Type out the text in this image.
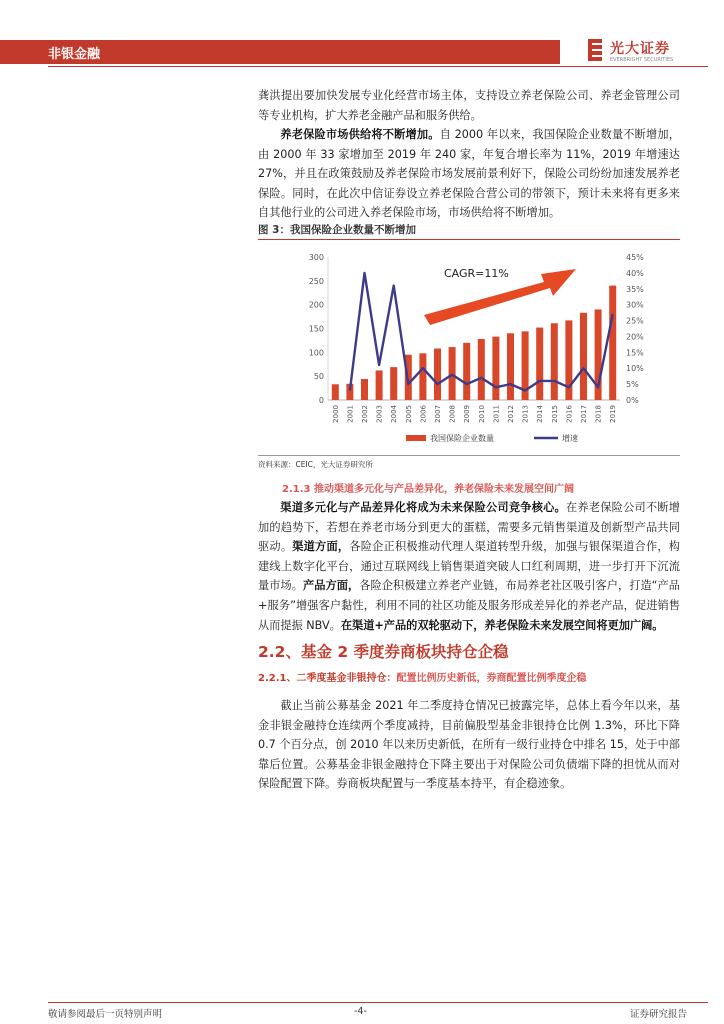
非银金融	光大证券
EVERBRIGHT SECURITIES

龚洪提出要加快发展专业化经营市场主体，支持设立养老保险公司、养老金管理公司等专业机构，扩大养老金融产品和服务供给。

养老保险市场供给将不断增加。自 2000 年以来，我国保险企业数量不断增加，由 2000 年 33 家增加至 2019 年 240 家，年复合增长率为 11%，2019 年增速达 27%，并且在政策鼓励及养老保险市场发展前景利好下，保险公司纷纷加速发展养老保险。同时，在此次中信证券设立养老保险合营公司的带领下，预计未来将有更多来自其他行业的公司进入养老保险市场，市场供给将不断增加。

图 3：我国保险企业数量不断增加
300
250
200
150
100
50
0
45%
40%
35%
30%
25%
20%
15%
10%
5%
0%
2000 2001 2002 2003 2004 2005 2006 2007 2008 2009 2010 2011 2012 2013 2014 2015 2016 2017 2018 2019
CAGR=11%
我国保险企业数量	增速
资料来源：CEIC，光大证券研究所
2.1.3 推动渠道多元化与产品差异化，养老保险未来发展空间广阔

渠道多元化与产品差异化将成为未来保险公司竞争核心。在养老保险公司不断增加的趋势下，若想在养老市场分到更大的蛋糕，需要多元销售渠道及创新型产品共同驱动。渠道方面，各险企正积极推动代理人渠道转型升级，加强与银保渠道合作，构建线上数字化平台，通过互联网线上销售渠道突破人口红利周期，进一步打开下沉流量市场。产品方面，各险企积极建立养老产业链，布局养老社区吸引客户，打造“产品+服务”增强客户黏性，利用不同的社区功能及服务形成差异化的养老产品，促进销售从而提振 NBV。在渠道+产品的双轮驱动下，养老保险未来发展空间将更加广阔。

2.2、基金 2 季度券商板块持仓企稳
2.2.1、二季度基金非银持仓：配置比例历史新低，券商配置比例季度企稳

截止当前公募基金 2021 年二季度持仓情况已披露完毕，总体上看今年以来，基金非银金融持仓连续两个季度减持，目前偏股型基金非银持仓比例 1.3%，环比下降 0.7 个百分点，创 2010 年以来历史新低，在所有一级行业持仓中排名 15，处于中部靠后位置。公募基金非银金融持仓下降主要出于对保险公司负债端下降的担忧从而对保险配置下降。券商板块配置与一季度基本持平，有企稳迹象。

敬请参阅最后一页特别声明	-4-	证券研究报告
